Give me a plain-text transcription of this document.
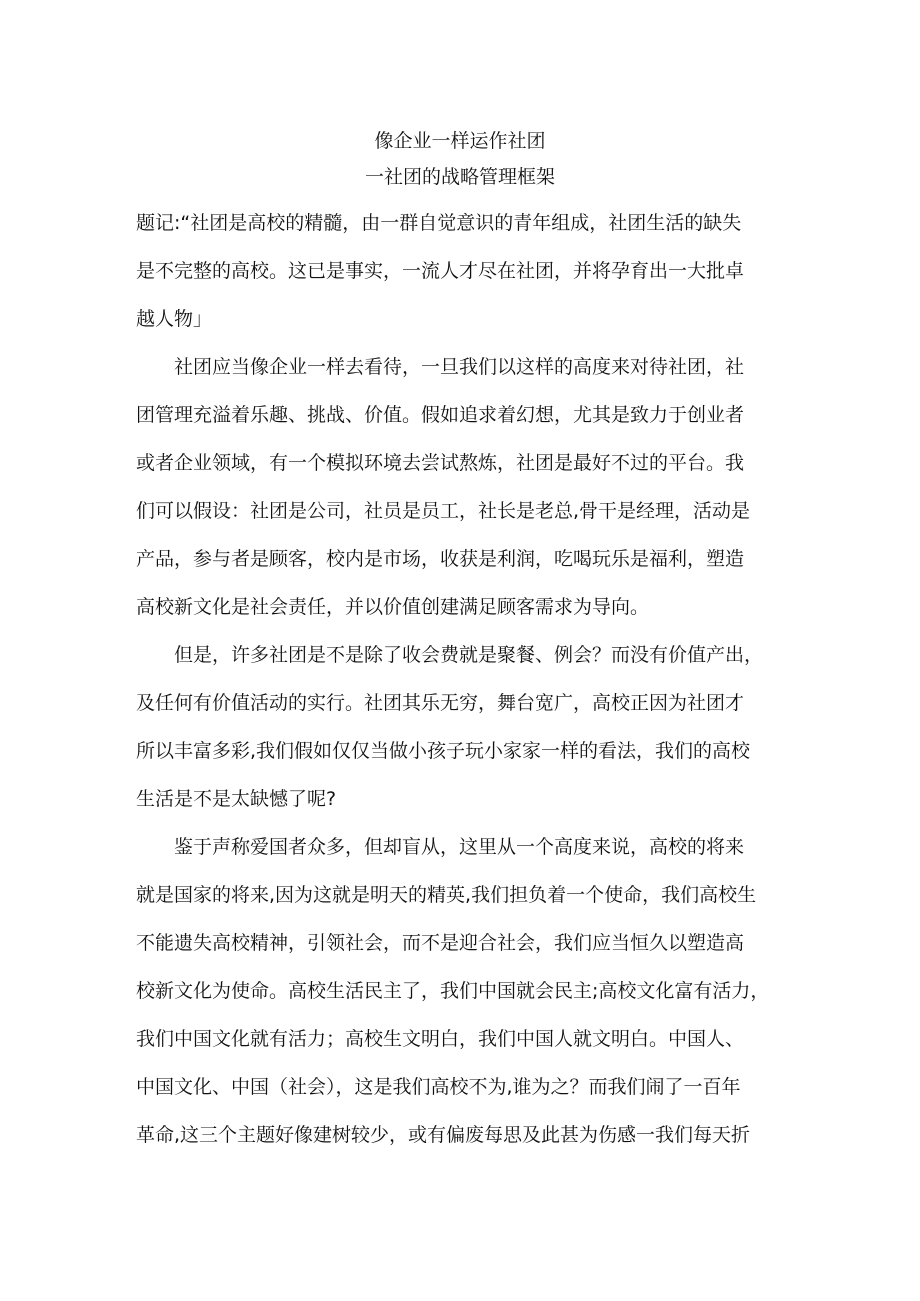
像企业一样运作社团
一社团的战略管理框架
题记:“社团是高校的精髓，由一群自觉意识的青年组成，社团生活的缺失
是不完整的高校。这已是事实，一流人才尽在社团，并将孕育出一大批卓
越人物」
　　社团应当像企业一样去看待，一旦我们以这样的高度来对待社团，社
团管理充溢着乐趣、挑战、价值。假如追求着幻想，尤其是致力于创业者
或者企业领域，有一个模拟环境去尝试熬炼，社团是最好不过的平台。我
们可以假设：社团是公司，社员是员工，社长是老总,骨干是经理，活动是
产品，参与者是顾客，校内是市场，收获是利润，吃喝玩乐是福利，塑造
高校新文化是社会责任，并以价值创建满足顾客需求为导向。
　　但是，许多社团是不是除了收会费就是聚餐、例会？而没有价值产出，
及任何有价值活动的实行。社团其乐无穷，舞台宽广，高校正因为社团才
所以丰富多彩,我们假如仅仅当做小孩子玩小家家一样的看法，我们的高校
生活是不是太缺憾了呢?
　　鉴于声称爱国者众多，但却盲从，这里从一个高度来说，高校的将来
就是国家的将来,因为这就是明天的精英,我们担负着一个使命，我们高校生
不能遗失高校精神，引领社会，而不是迎合社会，我们应当恒久以塑造高
校新文化为使命。高校生活民主了，我们中国就会民主;高校文化富有活力，
我们中国文化就有活力；高校生文明白，我们中国人就文明白。中国人、
中国文化、中国（社会），这是我们高校不为,谁为之？而我们闹了一百年
革命,这三个主题好像建树较少，或有偏废每思及此甚为伤感一我们每天折
